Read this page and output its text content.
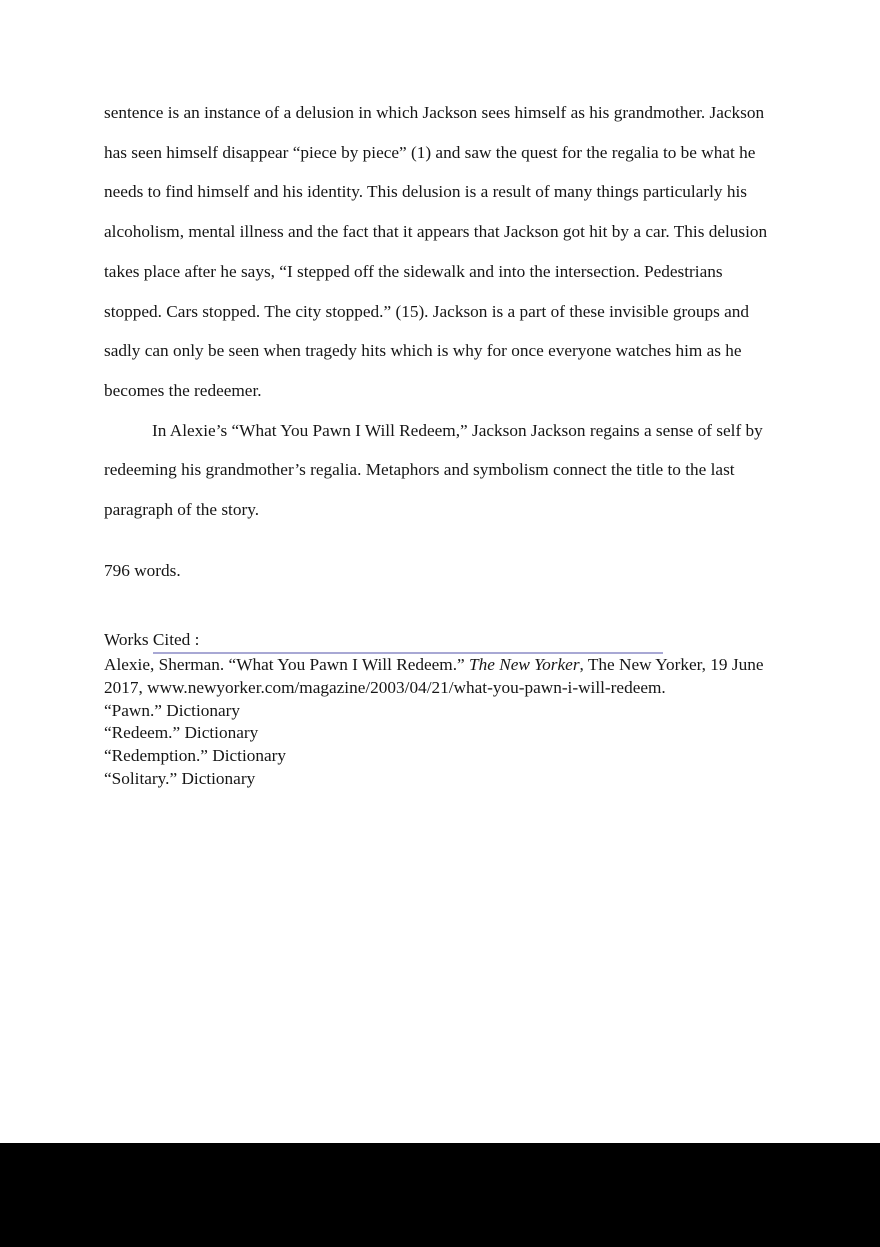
sentence is an instance of a delusion in which Jackson sees himself as his grandmother. Jackson has seen himself disappear “piece by piece” (1) and saw the quest for the regalia to be what he needs to find himself and his identity. This delusion is a result of many things particularly his alcoholism, mental illness and the fact that it appears that Jackson got hit by a car. This delusion takes place after he says, “I stepped off the sidewalk and into the intersection. Pedestrians stopped. Cars stopped. The city stopped.” (15). Jackson is a part of these invisible groups and sadly can only be seen when tragedy hits which is why for once everyone watches him as he becomes the redeemer.

In Alexie’s “What You Pawn I Will Redeem,” Jackson Jackson regains a sense of self by redeeming his grandmother’s regalia. Metaphors and symbolism connect the title to the last paragraph of the story.

796 words.

Works Cited :

Alexie, Sherman. “What You Pawn I Will Redeem.” The New Yorker, The New Yorker, 19 June 2017, www.newyorker.com/magazine/2003/04/21/what-you-pawn-i-will-redeem.

“Pawn.” Dictionary

“Redeem.” Dictionary

“Redemption.” Dictionary

“Solitary.” Dictionary
